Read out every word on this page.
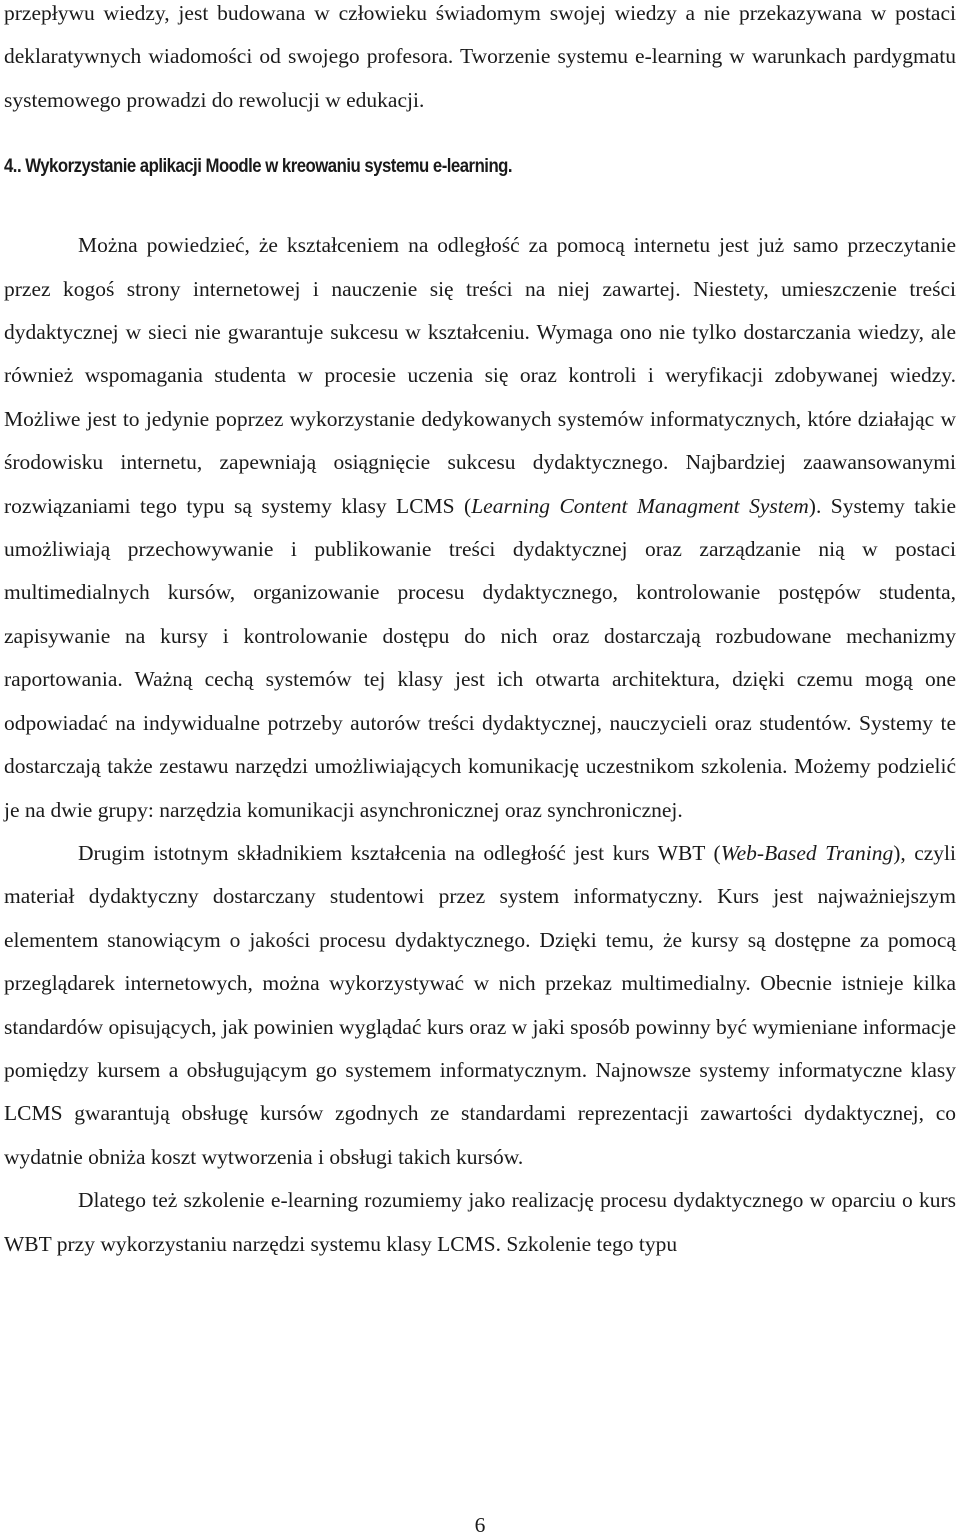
przepływu wiedzy, jest budowana w człowieku świadomym swojej wiedzy a nie przekazywana w postaci deklaratywnych wiadomości od swojego profesora. Tworzenie systemu e-learning w warunkach pardygmatu systemowego prowadzi do rewolucji w edukacji.

4.. Wykorzystanie aplikacji Moodle w kreowaniu systemu e-learning.

Można powiedzieć, że kształceniem na odległość za pomocą internetu jest już samo przeczytanie przez kogoś strony internetowej i nauczenie się treści na niej zawartej. Niestety, umieszczenie treści dydaktycznej w sieci nie gwarantuje sukcesu w kształceniu. Wymaga ono nie tylko dostarczania wiedzy, ale również wspomagania studenta w procesie uczenia się oraz kontroli i weryfikacji zdobywanej wiedzy. Możliwe jest to jedynie poprzez wykorzystanie dedykowanych systemów informatycznych, które działając w środowisku internetu, zapewniają osiągnięcie sukcesu dydaktycznego. Najbardziej zaawansowanymi rozwiązaniami tego typu są systemy klasy LCMS (Learning Content Managment System). Systemy takie umożliwiają przechowywanie i publikowanie treści dydaktycznej oraz zarządzanie nią w postaci multimedialnych kursów, organizowanie procesu dydaktycznego, kontrolowanie postępów studenta, zapisywanie na kursy i kontrolowanie dostępu do nich oraz dostarczają rozbudowane mechanizmy raportowania. Ważną cechą systemów tej klasy jest ich otwarta architektura, dzięki czemu mogą one odpowiadać na indywidualne potrzeby autorów treści dydaktycznej, nauczycieli oraz studentów. Systemy te dostarczają także zestawu narzędzi umożliwiających komunikację uczestnikom szkolenia. Możemy podzielić je na dwie grupy: narzędzia komunikacji asynchronicznej oraz synchronicznej.

Drugim istotnym składnikiem kształcenia na odległość jest kurs WBT (Web-Based Traning), czyli materiał dydaktyczny dostarczany studentowi przez system informatyczny. Kurs jest najważniejszym elementem stanowiącym o jakości procesu dydaktycznego. Dzięki temu, że kursy są dostępne za pomocą przeglądarek internetowych, można wykorzystywać w nich przekaz multimedialny. Obecnie istnieje kilka standardów opisujących, jak powinien wyglądać kurs oraz w jaki sposób powinny być wymieniane informacje pomiędzy kursem a obsługującym go systemem informatycznym. Najnowsze systemy informatyczne klasy LCMS gwarantują obsługę kursów zgodnych ze standardami reprezentacji zawartości dydaktycznej, co wydatnie obniża koszt wytworzenia i obsługi takich kursów.

Dlatego też szkolenie e-learning rozumiemy jako realizację procesu dydaktycznego w oparciu o kurs WBT przy wykorzystaniu narzędzi systemu klasy LCMS. Szkolenie tego typu

6
